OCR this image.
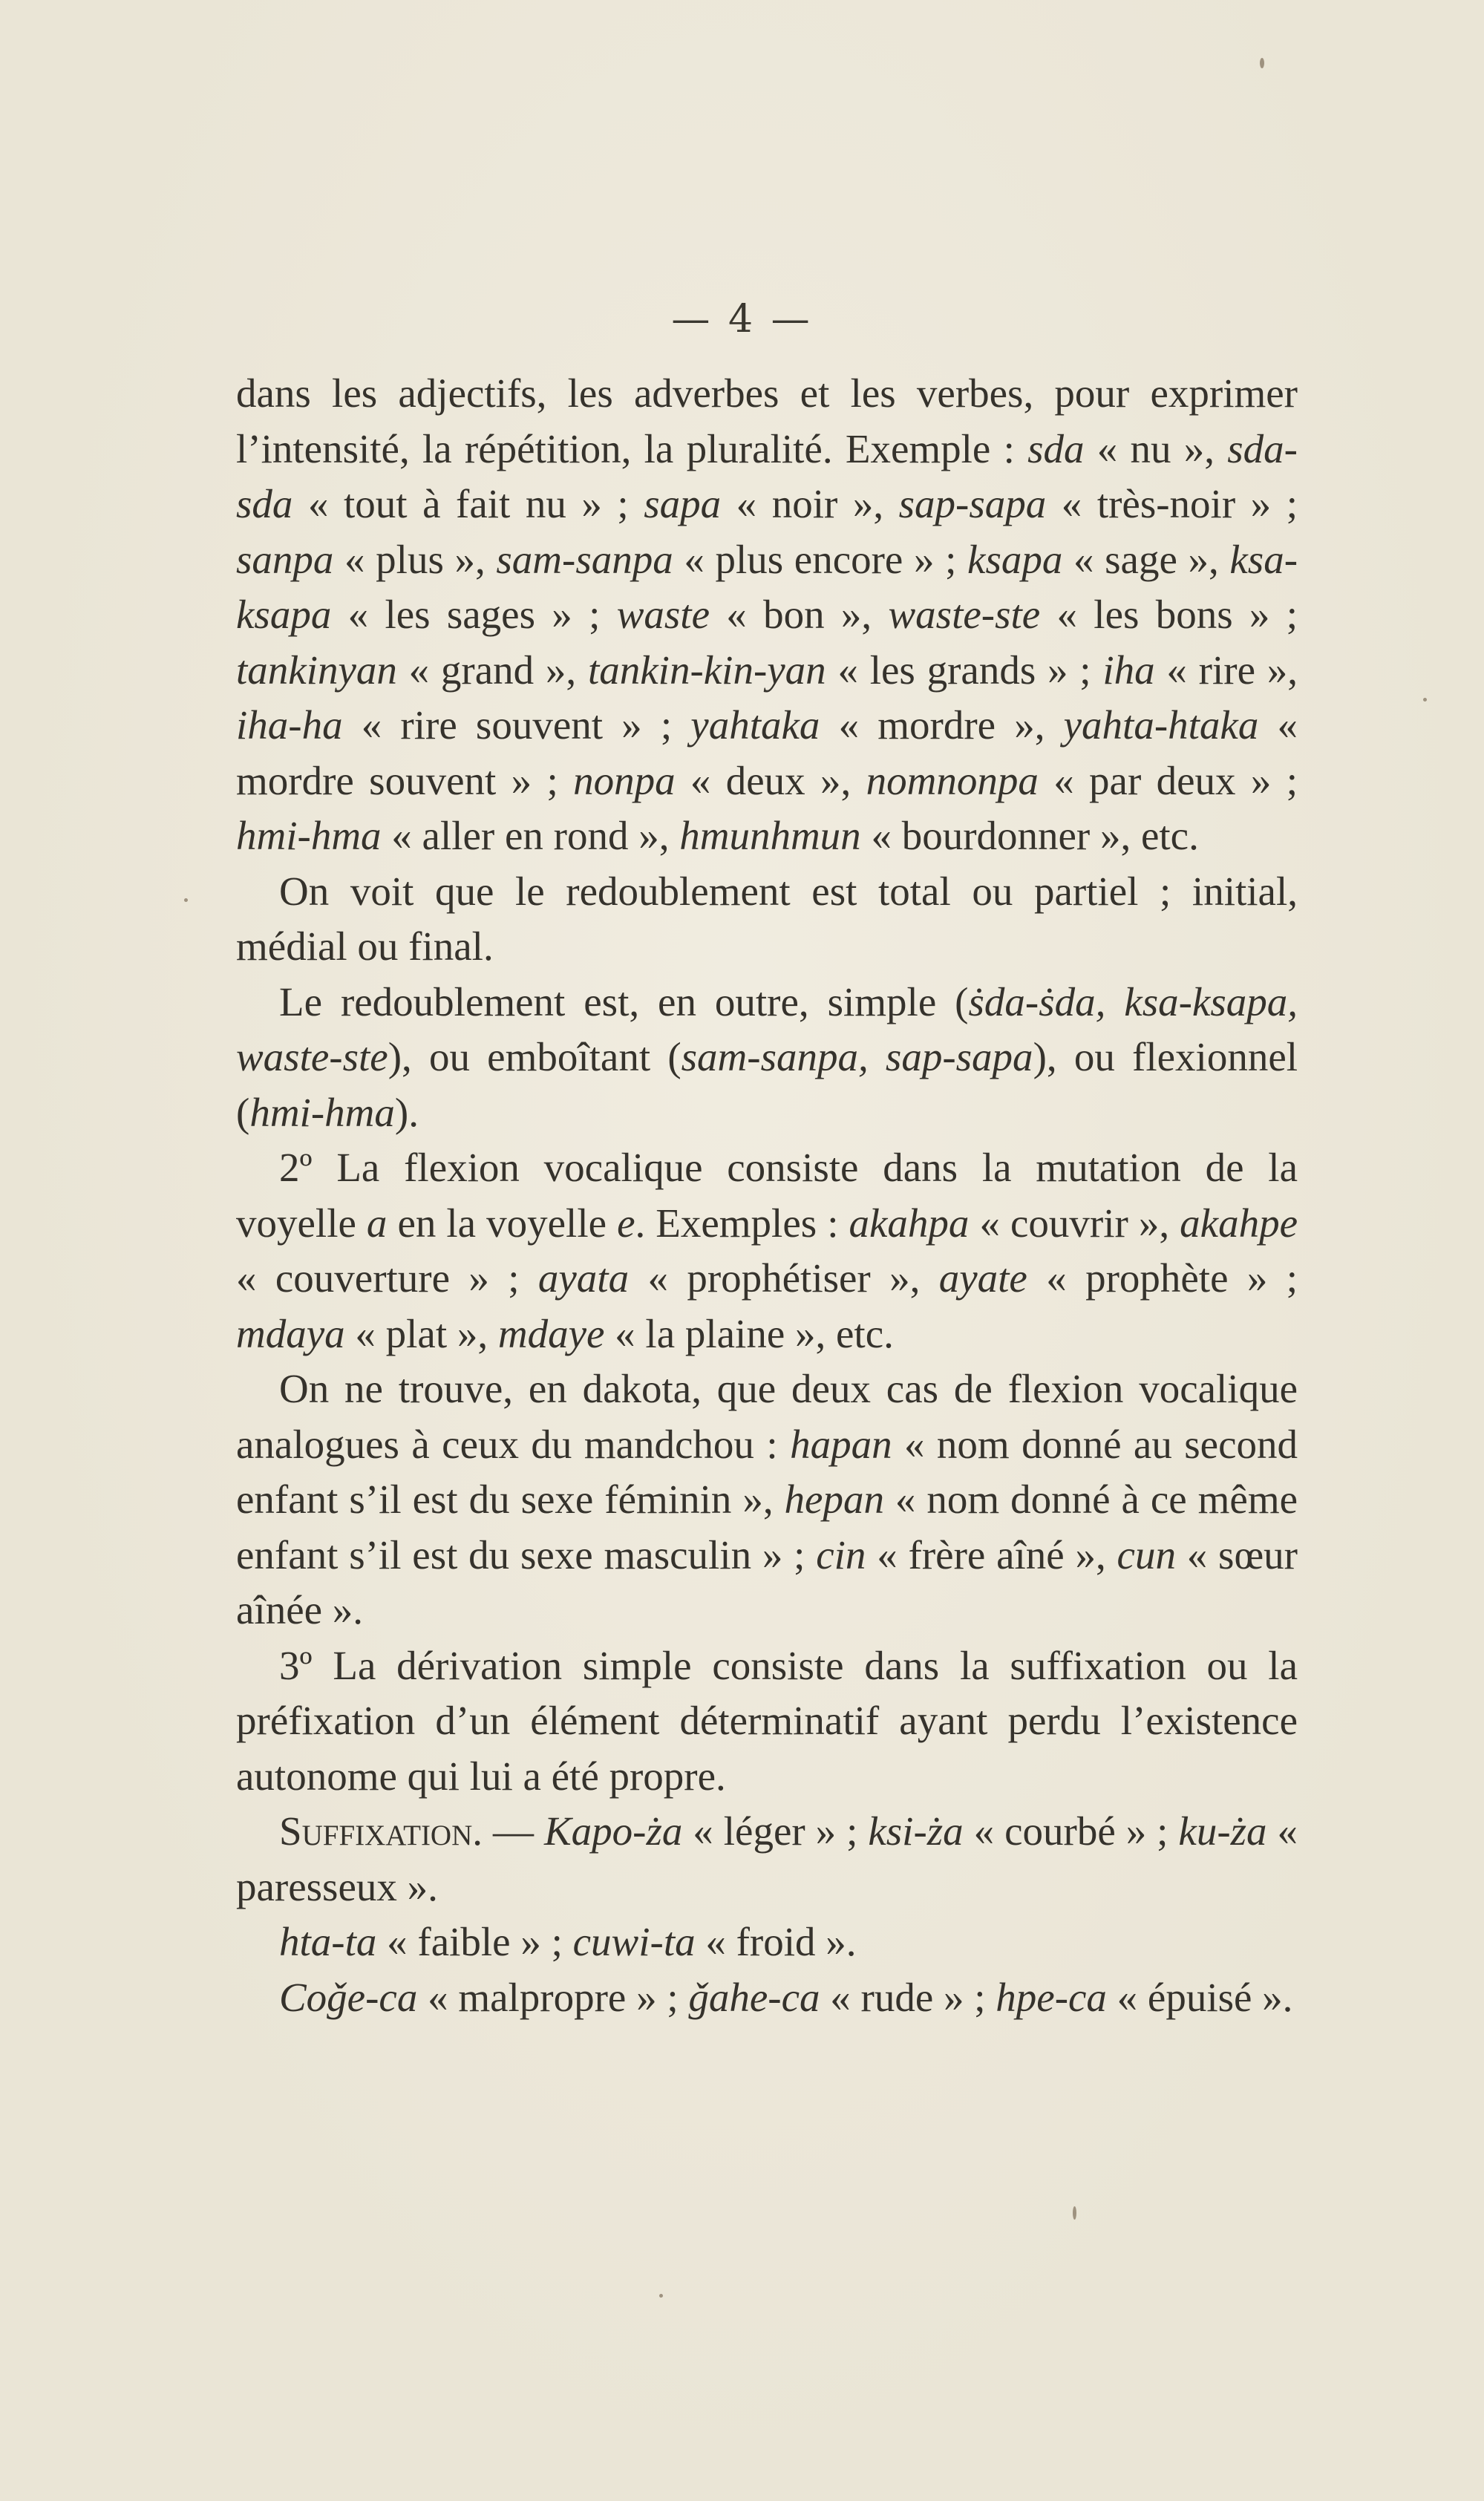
— 4 —

dans les adjectifs, les adverbes et les verbes, pour exprimer l’intensité, la répétition, la pluralité. Exemple : sda « nu », sda-sda « tout à fait nu » ; sapa « noir », sap-sapa « très-noir » ; sanpa « plus », sam-sanpa « plus encore » ; ksapa « sage », ksa-ksapa « les sages » ; waste « bon », waste-ste « les bons » ; tankinyan « grand », tankin-kin-yan « les grands » ; iha « rire », iha-ha « rire souvent » ; yahtaka « mordre », yahta-htaka « mordre souvent » ; nonpa « deux », nomnonpa « par deux » ; hmi-hma « aller en rond », hmunhmun « bourdonner », etc.

On voit que le redoublement est total ou partiel ; initial, médial ou final.

Le redoublement est, en outre, simple (ṡda-ṡda, ksa-ksapa, waste-ste), ou emboîtant (sam-sanpa, sap-sapa), ou flexionnel (hmi-hma).

2º La flexion vocalique consiste dans la mutation de la voyelle a en la voyelle e. Exemples : akahpa « couvrir », akahpe « couverture » ; ayata « prophétiser », ayate « prophète » ; mdaya « plat », mdaye « la plaine », etc.

On ne trouve, en dakota, que deux cas de flexion vocalique analogues à ceux du mandchou : hapan « nom donné au second enfant s’il est du sexe féminin », hepan « nom donné à ce même enfant s’il est du sexe masculin » ; cin « frère aîné », cun « sœur aînée ».

3º La dérivation simple consiste dans la suffixation ou la préfixation d’un élément déterminatif ayant perdu l’existence autonome qui lui a été propre.

Suffixation. — Kapo-ża « léger » ; ksi-ża « courbé » ; ku-ża « paresseux ».

hta-ta « faible » ; cuwi-ta « froid ».

Coǧe-ca « malpropre » ; ǧahe-ca « rude » ; hpe-ca « épuisé ».
